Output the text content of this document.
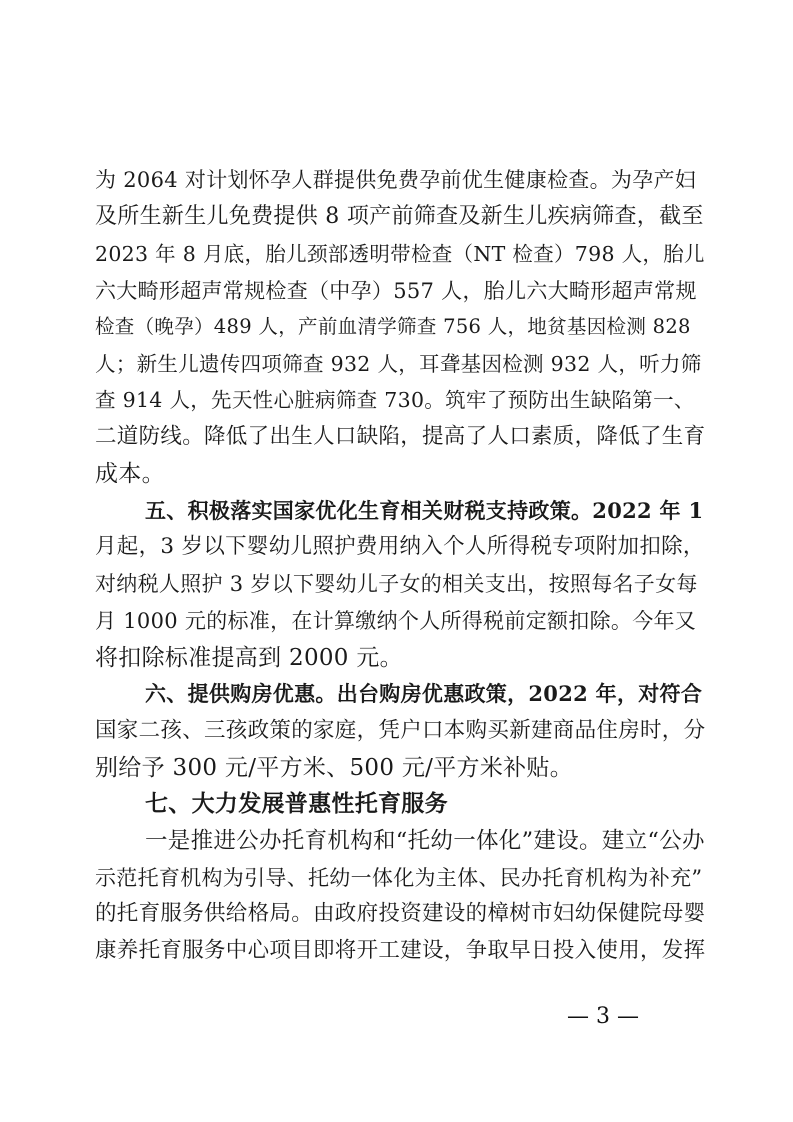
为 2064 对计划怀孕人群提供免费孕前优生健康检查。为孕产妇
及所生新生儿免费提供 8 项产前筛查及新生儿疾病筛查，截至
2023 年 8 月底，胎儿颈部透明带检查（NT 检查）798 人，胎儿
六大畸形超声常规检查（中孕）557 人，胎儿六大畸形超声常规
检查（晚孕）489 人，产前血清学筛查 756 人，地贫基因检测 828
人；新生儿遗传四项筛查 932 人，耳聋基因检测 932 人，听力筛
查 914 人，先天性心脏病筛查 730。筑牢了预防出生缺陷第一、
二道防线。降低了出生人口缺陷，提高了人口素质，降低了生育
成本。
五、积极落实国家优化生育相关财税支持政策。2022 年 1
月起，3 岁以下婴幼儿照护费用纳入个人所得税专项附加扣除，
对纳税人照护 3 岁以下婴幼儿子女的相关支出，按照每名子女每
月 1000 元的标准，在计算缴纳个人所得税前定额扣除。今年又
将扣除标准提高到 2000 元。
六、提供购房优惠。出台购房优惠政策，2022 年，对符合
国家二孩、三孩政策的家庭，凭户口本购买新建商品住房时，分
别给予 300 元/平方米、500 元/平方米补贴。
七、大力发展普惠性托育服务
一是推进公办托育机构和“托幼一体化”建设。建立“公办
示范托育机构为引导、托幼一体化为主体、民办托育机构为补充”
的托育服务供给格局。由政府投资建设的樟树市妇幼保健院母婴
康养托育服务中心项目即将开工建设，争取早日投入使用，发挥
— 3 —
